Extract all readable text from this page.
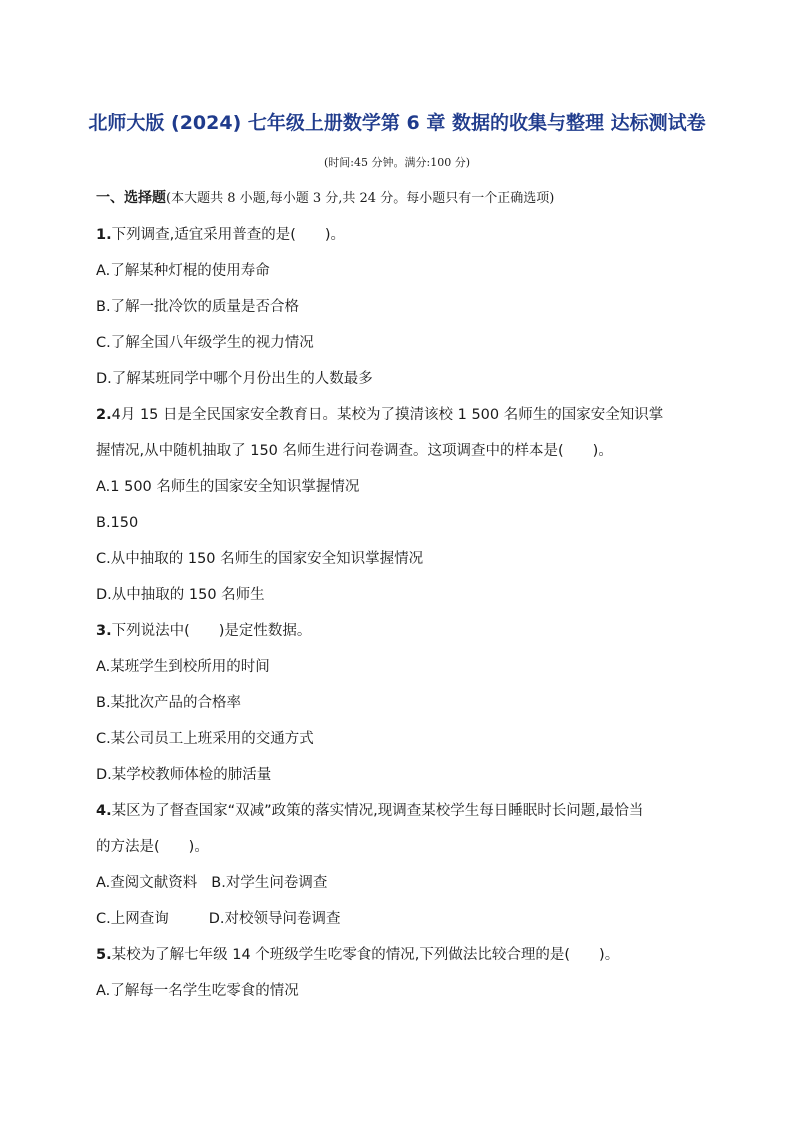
北师大版 (2024) 七年级上册数学第 6 章 数据的收集与整理 达标测试卷
(时间:45 分钟。满分:100 分)
一、选择题(本大题共 8 小题,每小题 3 分,共 24 分。每小题只有一个正确选项)
1.下列调查,适宜采用普查的是(　　)。
A.了解某种灯棍的使用寿命
B.了解一批冷饮的质量是否合格
C.了解全国八年级学生的视力情况
D.了解某班同学中哪个月份出生的人数最多
2.4月 15 日是全民国家安全教育日。某校为了摸清该校 1 500 名师生的国家安全知识掌
握情况,从中随机抽取了 150 名师生进行问卷调查。这项调查中的样本是(　　)。
A.1 500 名师生的国家安全知识掌握情况
B.150
C.从中抽取的 150 名师生的国家安全知识掌握情况
D.从中抽取的 150 名师生
3.下列说法中(　　)是定性数据。
A.某班学生到校所用的时间
B.某批次产品的合格率
C.某公司员工上班采用的交通方式
D.某学校教师体检的肺活量
4.某区为了督查国家“双减”政策的落实情况,现调查某校学生每日睡眠时长问题,最恰当
的方法是(　　)。
A.查阅文献资料 B.对学生问卷调查
C.上网查询	D.对校领导问卷调查
5.某校为了解七年级 14 个班级学生吃零食的情况,下列做法比较合理的是(　　)。
A.了解每一名学生吃零食的情况
